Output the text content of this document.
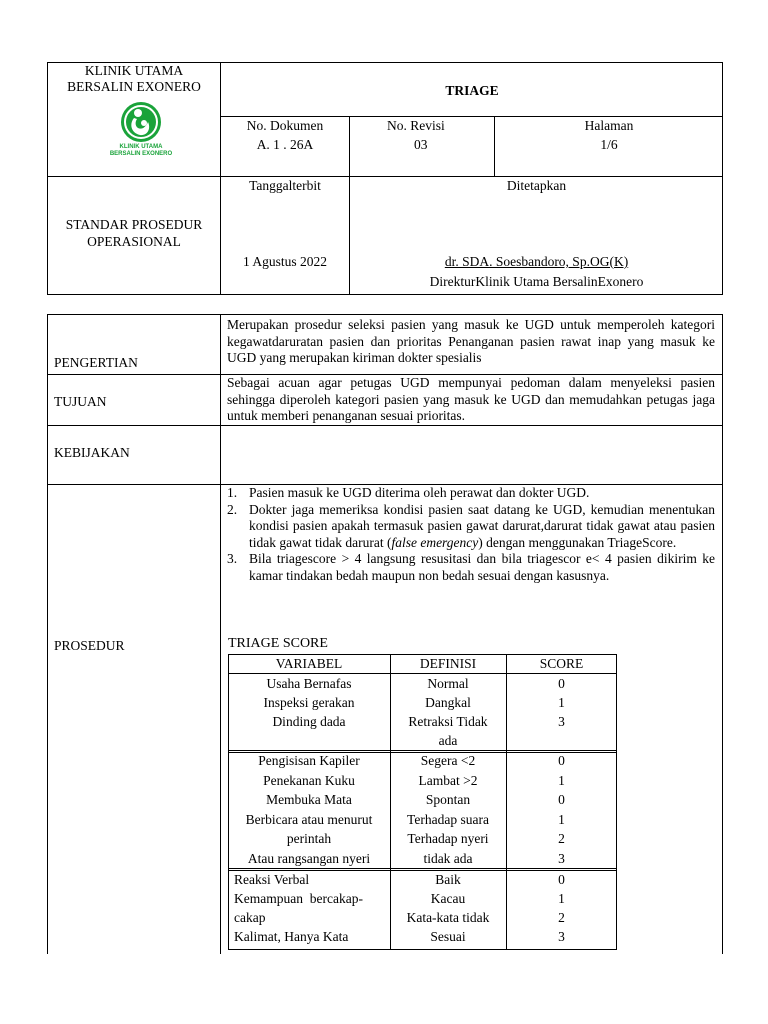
KLINIK UTAMA
BERSALIN EXONERO
KLINIK UTAMA
BERSALIN EXONERO
TRIAGE
No. Dokumen
A. 1 . 26A
No. Revisi
03
Halaman
1/6
STANDAR PROSEDUR
OPERASIONAL
Tanggalterbit
1 Agustus 2022
Ditetapkan
dr. SDA. Soesbandoro, Sp.OG(K)
DirekturKlinik Utama BersalinExonero
PENGERTIAN
Merupakan prosedur seleksi pasien yang masuk ke UGD untuk memperoleh kategori kegawatdaruratan pasien dan prioritas Penanganan pasien rawat inap yang masuk ke UGD yang merupakan kiriman dokter spesialis
TUJUAN
Sebagai acuan agar petugas UGD mempunyai pedoman dalam menyeleksi pasien sehingga diperoleh kategori pasien yang masuk ke UGD dan memudahkan petugas jaga untuk memberi penanganan sesuai prioritas.
KEBIJAKAN
PROSEDUR
1. Pasien masuk ke UGD diterima oleh perawat dan dokter UGD.
2. Dokter jaga memeriksa kondisi pasien saat datang ke UGD, kemudian menentukan kondisi pasien apakah termasuk pasien gawat darurat,darurat tidak gawat atau pasien tidak gawat tidak darurat (false emergency) dengan menggunakan TriageScore.
3. Bila triagescore > 4 langsung resusitasi dan bila triagescor e< 4 pasien dikirim ke kamar tindakan bedah maupun non bedah sesuai dengan kasusnya.
TRIAGE SCORE
VARIABEL	DEFINISI	SCORE
Usaha Bernafas
Inspeksi gerakan
Dinding dada
Normal
Dangkal
Retraksi Tidak
ada
0
1
3
Pengisisan Kapiler
Penekanan Kuku
Membuka Mata
Berbicara atau menurut
perintah
Atau rangsangan nyeri
Segera <2
Lambat >2
Spontan
Terhadap suara
Terhadap nyeri
tidak ada
0
1
0
1
2
3
Reaksi Verbal
Kemampuan  bercakap-
cakap
Kalimat, Hanya Kata
Baik
Kacau
Kata-kata tidak
Sesuai
0
1
2
3
